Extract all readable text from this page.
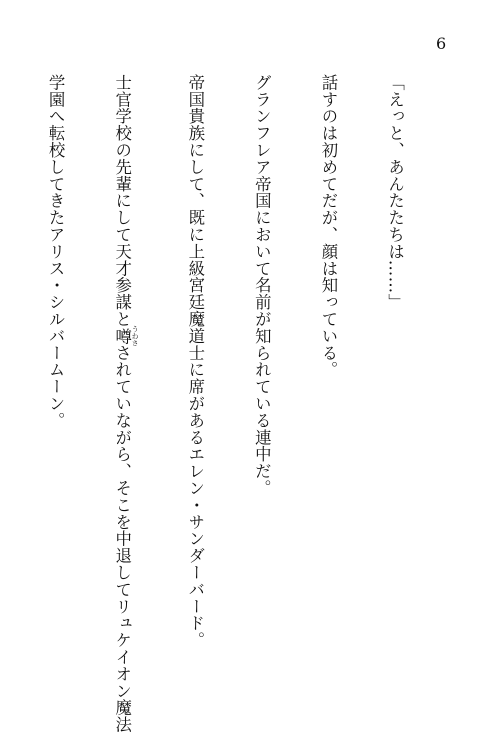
6

「えっと、あんたたちは……」

話すのは初めてだが、顔は知っている。

グランフレア帝国において名前が知られている連中だ。

帝国貴族にして、既に上級宮廷魔道士に席があるエレン・サンダーバード。

士官学校の先輩にして天才参謀と噂 うわさされていながら、そこを中退してリュケイオン魔法

学園へ転校してきたアリス・シルバームーン。
